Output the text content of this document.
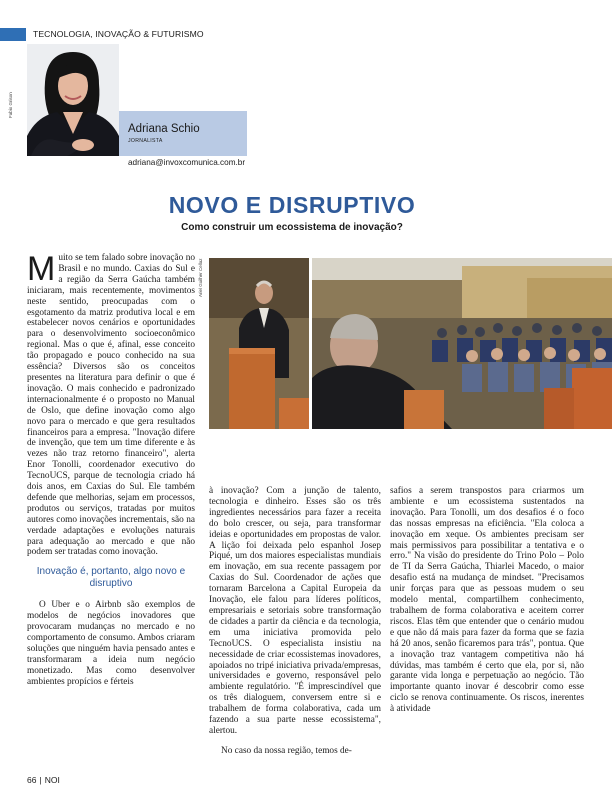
TECNOLOGIA, INOVAÇÃO & FUTURISMO
Fabio Grison
Adriana Schio
JORNALISTA
adriana@invoxcomunica.com.br
NOVO E DISRUPTIVO
Como construir um ecossistema de inovação?

Muito se tem falado sobre inovação no Brasil e no mundo. Caxias do Sul e a região da Serra Gaúcha também iniciaram, mais recentemente, movimentos neste sentido, preocupadas com o esgotamento da matriz produtiva local e em estabelecer novos cenários e oportunidades para o desenvolvimento socioeconômico regional. Mas o que é, afinal, esse conceito tão propagado e pouco conhecido na sua essência? Diversos são os conceitos presentes na literatura para definir o que é inovação. O mais conhecido e padronizado internacionalmente é o proposto no Manual de Oslo, que define inovação como algo novo para o mercado e que gera resultados financeiros para a empresa. "Inovação difere de invenção, que tem um time diferente e às vezes não traz retorno financeiro", alerta Enor Tonolli, coordenador executivo do TecnoUCS, parque de tecnologia criado há dois anos, em Caxias do Sul. Ele também defende que melhorias, sejam em processos, produtos ou serviços, tratadas por muitos autores como inovações incrementais, são na verdade adaptações e evoluções naturais para adequação ao mercado e que não podem ser tratadas como inovação.

Inovação é, portanto, algo novo e disruptivo

O Uber e o Airbnb são exemplos de modelos de negócios inovadores que provocaram mudanças no mercado e no comportamento de consumo. Ambos criaram soluções que ninguém havia pensado antes e transformaram a ideia num negócio monetizado. Mas como desenvolver ambientes propícios e férteis

Ariel Guilher Cellaz

à inovação? Com a junção de talento, tecnologia e dinheiro. Esses são os três ingredientes necessários para fazer a receita do bolo crescer, ou seja, para transformar ideias e oportunidades em propostas de valor. A lição foi deixada pelo espanhol Josep Piqué, um dos maiores especialistas mundiais em inovação, em sua recente passagem por Caxias do Sul. Coordenador de ações que tornaram Barcelona a Capital Europeia da Inovação, ele falou para líderes políticos, empresariais e setoriais sobre transformação de cidades a partir da ciência e da tecnologia, em uma iniciativa promovida pelo TecnoUCS. O especialista insistiu na necessidade de criar ecossistemas inovadores, apoiados no tripé iniciativa privada/empresas, universidades e governo, responsável pelo ambiente regulatório. "É imprescindível que os três dialoguem, conversem entre si e trabalhem de forma colaborativa, cada um fazendo a sua parte nesse ecossistema", alertou.

No caso da nossa região, temos de-

safios a serem transpostos para criarmos um ambiente e um ecossistema sustentados na inovação. Para Tonolli, um dos desafios é o foco das nossas empresas na eficiência. "Ela coloca a inovação em xeque. Os ambientes precisam ser mais permissivos para possibilitar a tentativa e o erro." Na visão do presidente do Trino Polo – Polo de TI da Serra Gaúcha, Thiarlei Macedo, o maior desafio está na mudança de mindset. "Precisamos unir forças para que as pessoas mudem o seu modelo mental, compartilhem conhecimento, trabalhem de forma colaborativa e aceitem correr riscos. Elas têm que entender que o cenário mudou e que não dá mais para fazer da forma que se fazia há 20 anos, senão ficaremos para trás", pontua. Que a inovação traz vantagem competitiva não há dúvidas, mas também é certo que ela, por si, não garante vida longa e perpetuação ao negócio. Tão importante quanto inovar é descobrir como esse ciclo se renova continuamente. Os riscos, inerentes à atividade

66 | NOI
